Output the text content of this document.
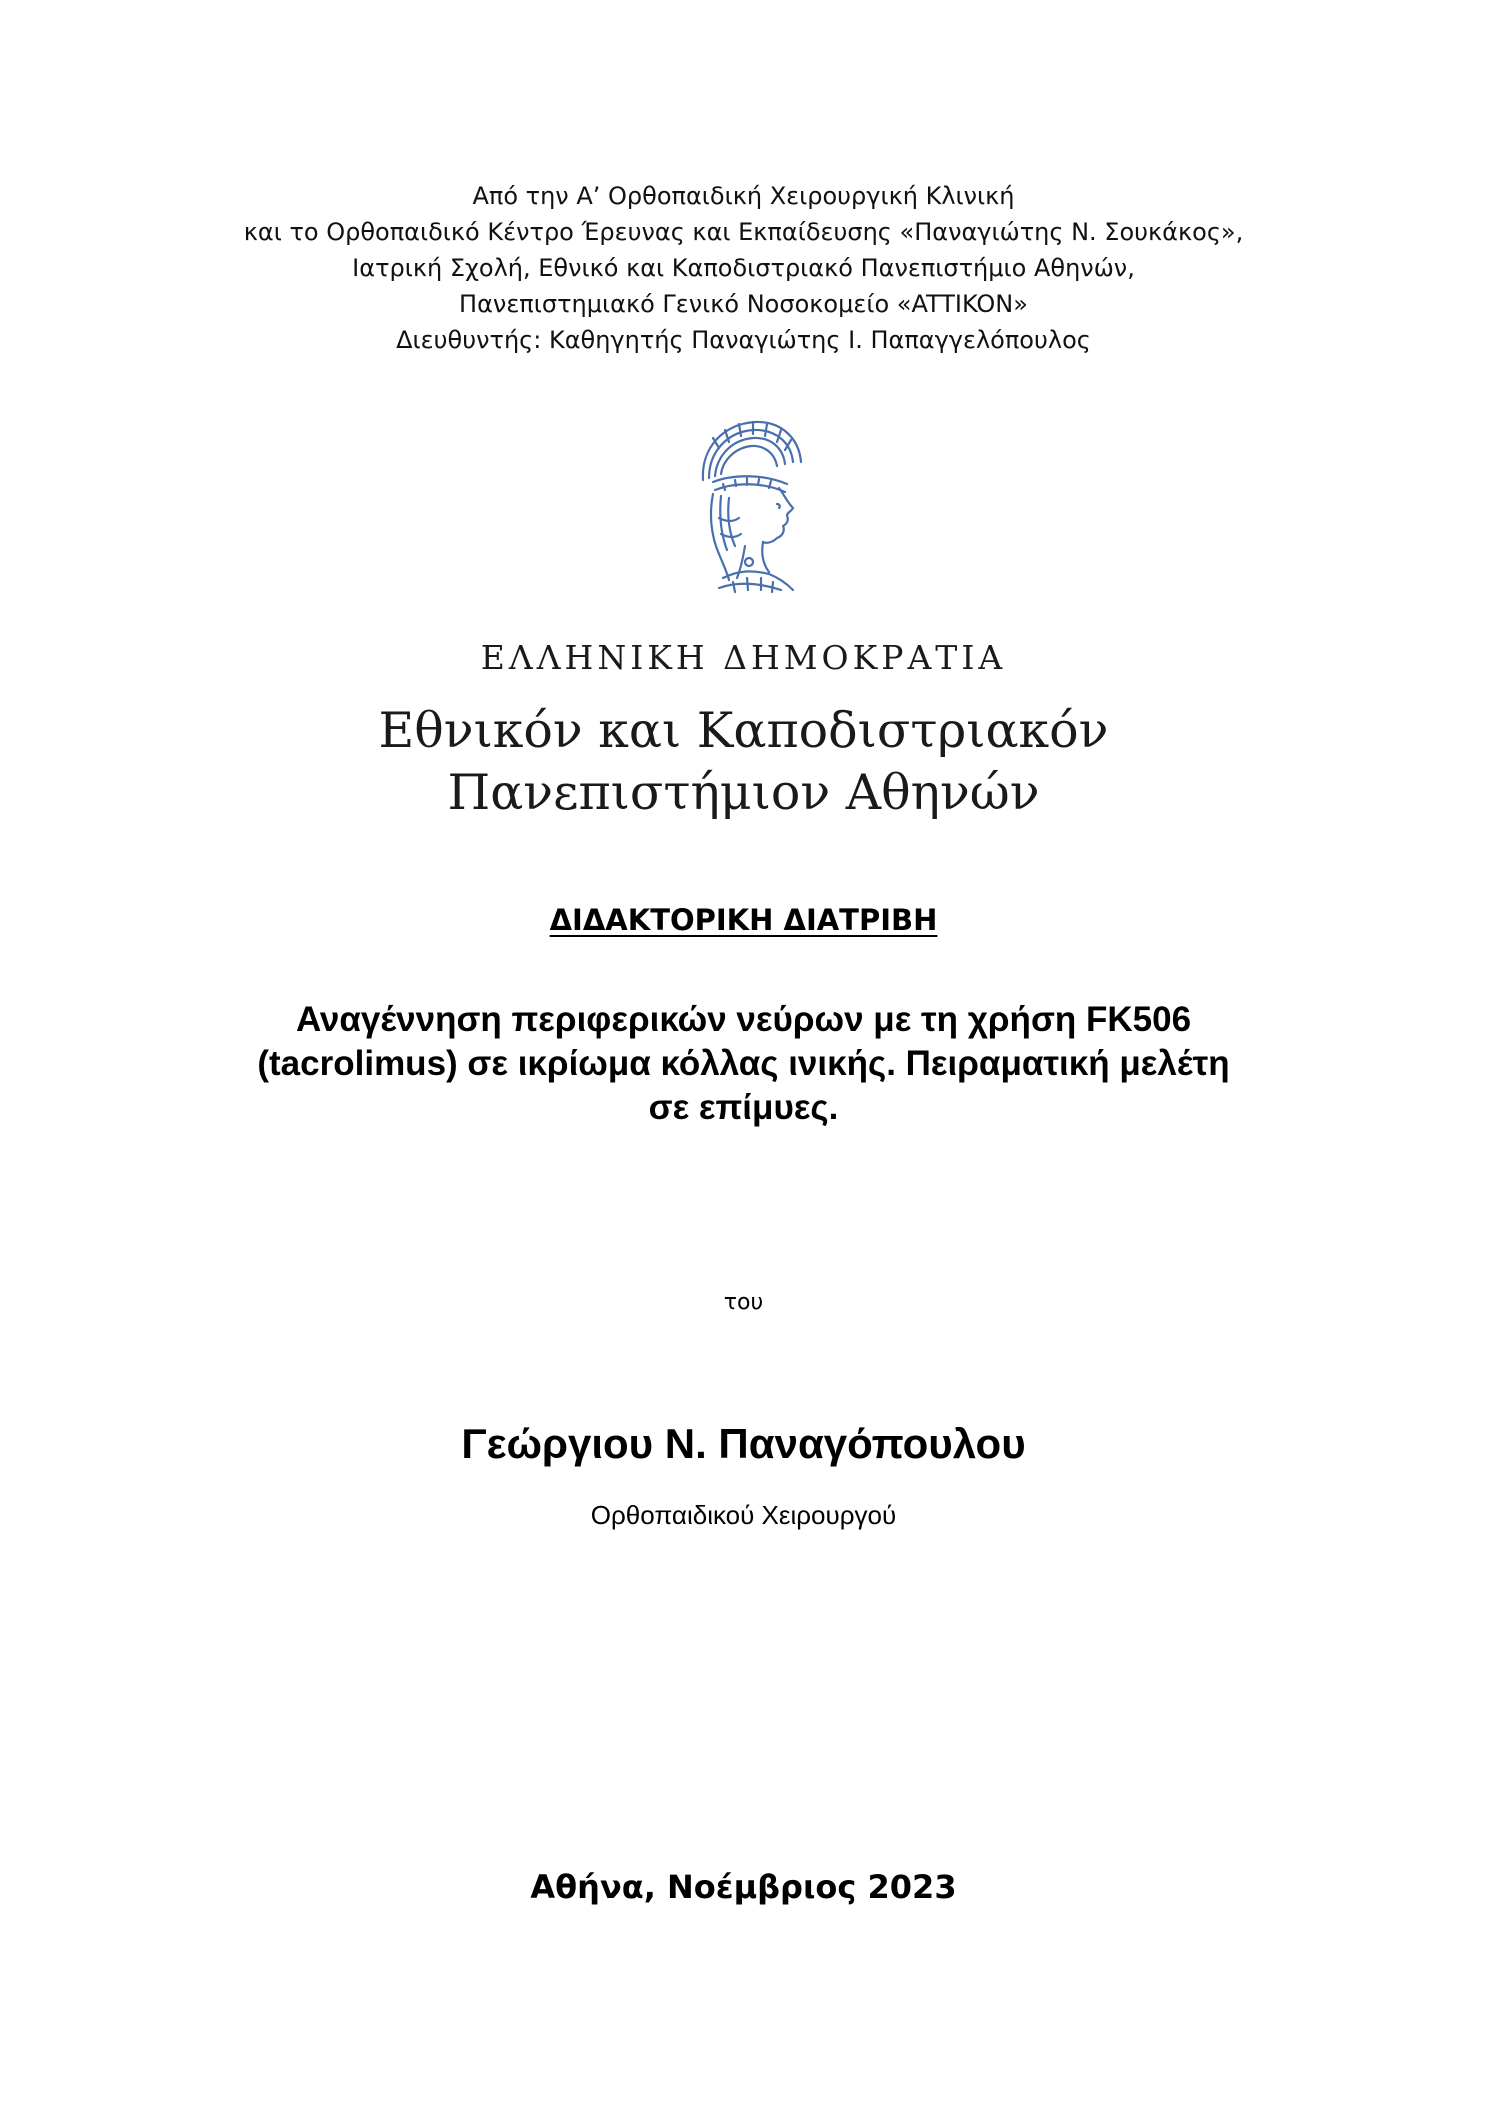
Από την Α’ Ορθοπαιδική Χειρουργική Κλινική
και το Ορθοπαιδικό Κέντρο Έρευνας και Εκπαίδευσης «Παναγιώτης Ν. Σουκάκος»,
Ιατρική Σχολή, Εθνικό και Καποδιστριακό Πανεπιστήμιο Αθηνών,
Πανεπιστημιακό Γενικό Νοσοκομείο «ATTIKON»
Διευθυντής: Καθηγητής Παναγιώτης Ι. Παπαγγελόπουλος
ΕΛΛΗΝΙΚΗ ΔΗΜΟΚΡΑΤΙΑ
Εθνικόν και Καποδιστριακόν
Πανεπιστήμιον Αθηνών
ΔΙΔΑΚΤΟΡΙΚΗ ΔΙΑΤΡΙΒΗ
Αναγέννηση περιφερικών νεύρων με τη χρήση FK506
(tacrolimus) σε ικρίωμα κόλλας ινικής. Πειραματική μελέτη
σε επίμυες.
του
Γεώργιου Ν. Παναγόπουλου
Ορθοπαιδικού Χειρουργού
Αθήνα, Νοέμβριος 2023
